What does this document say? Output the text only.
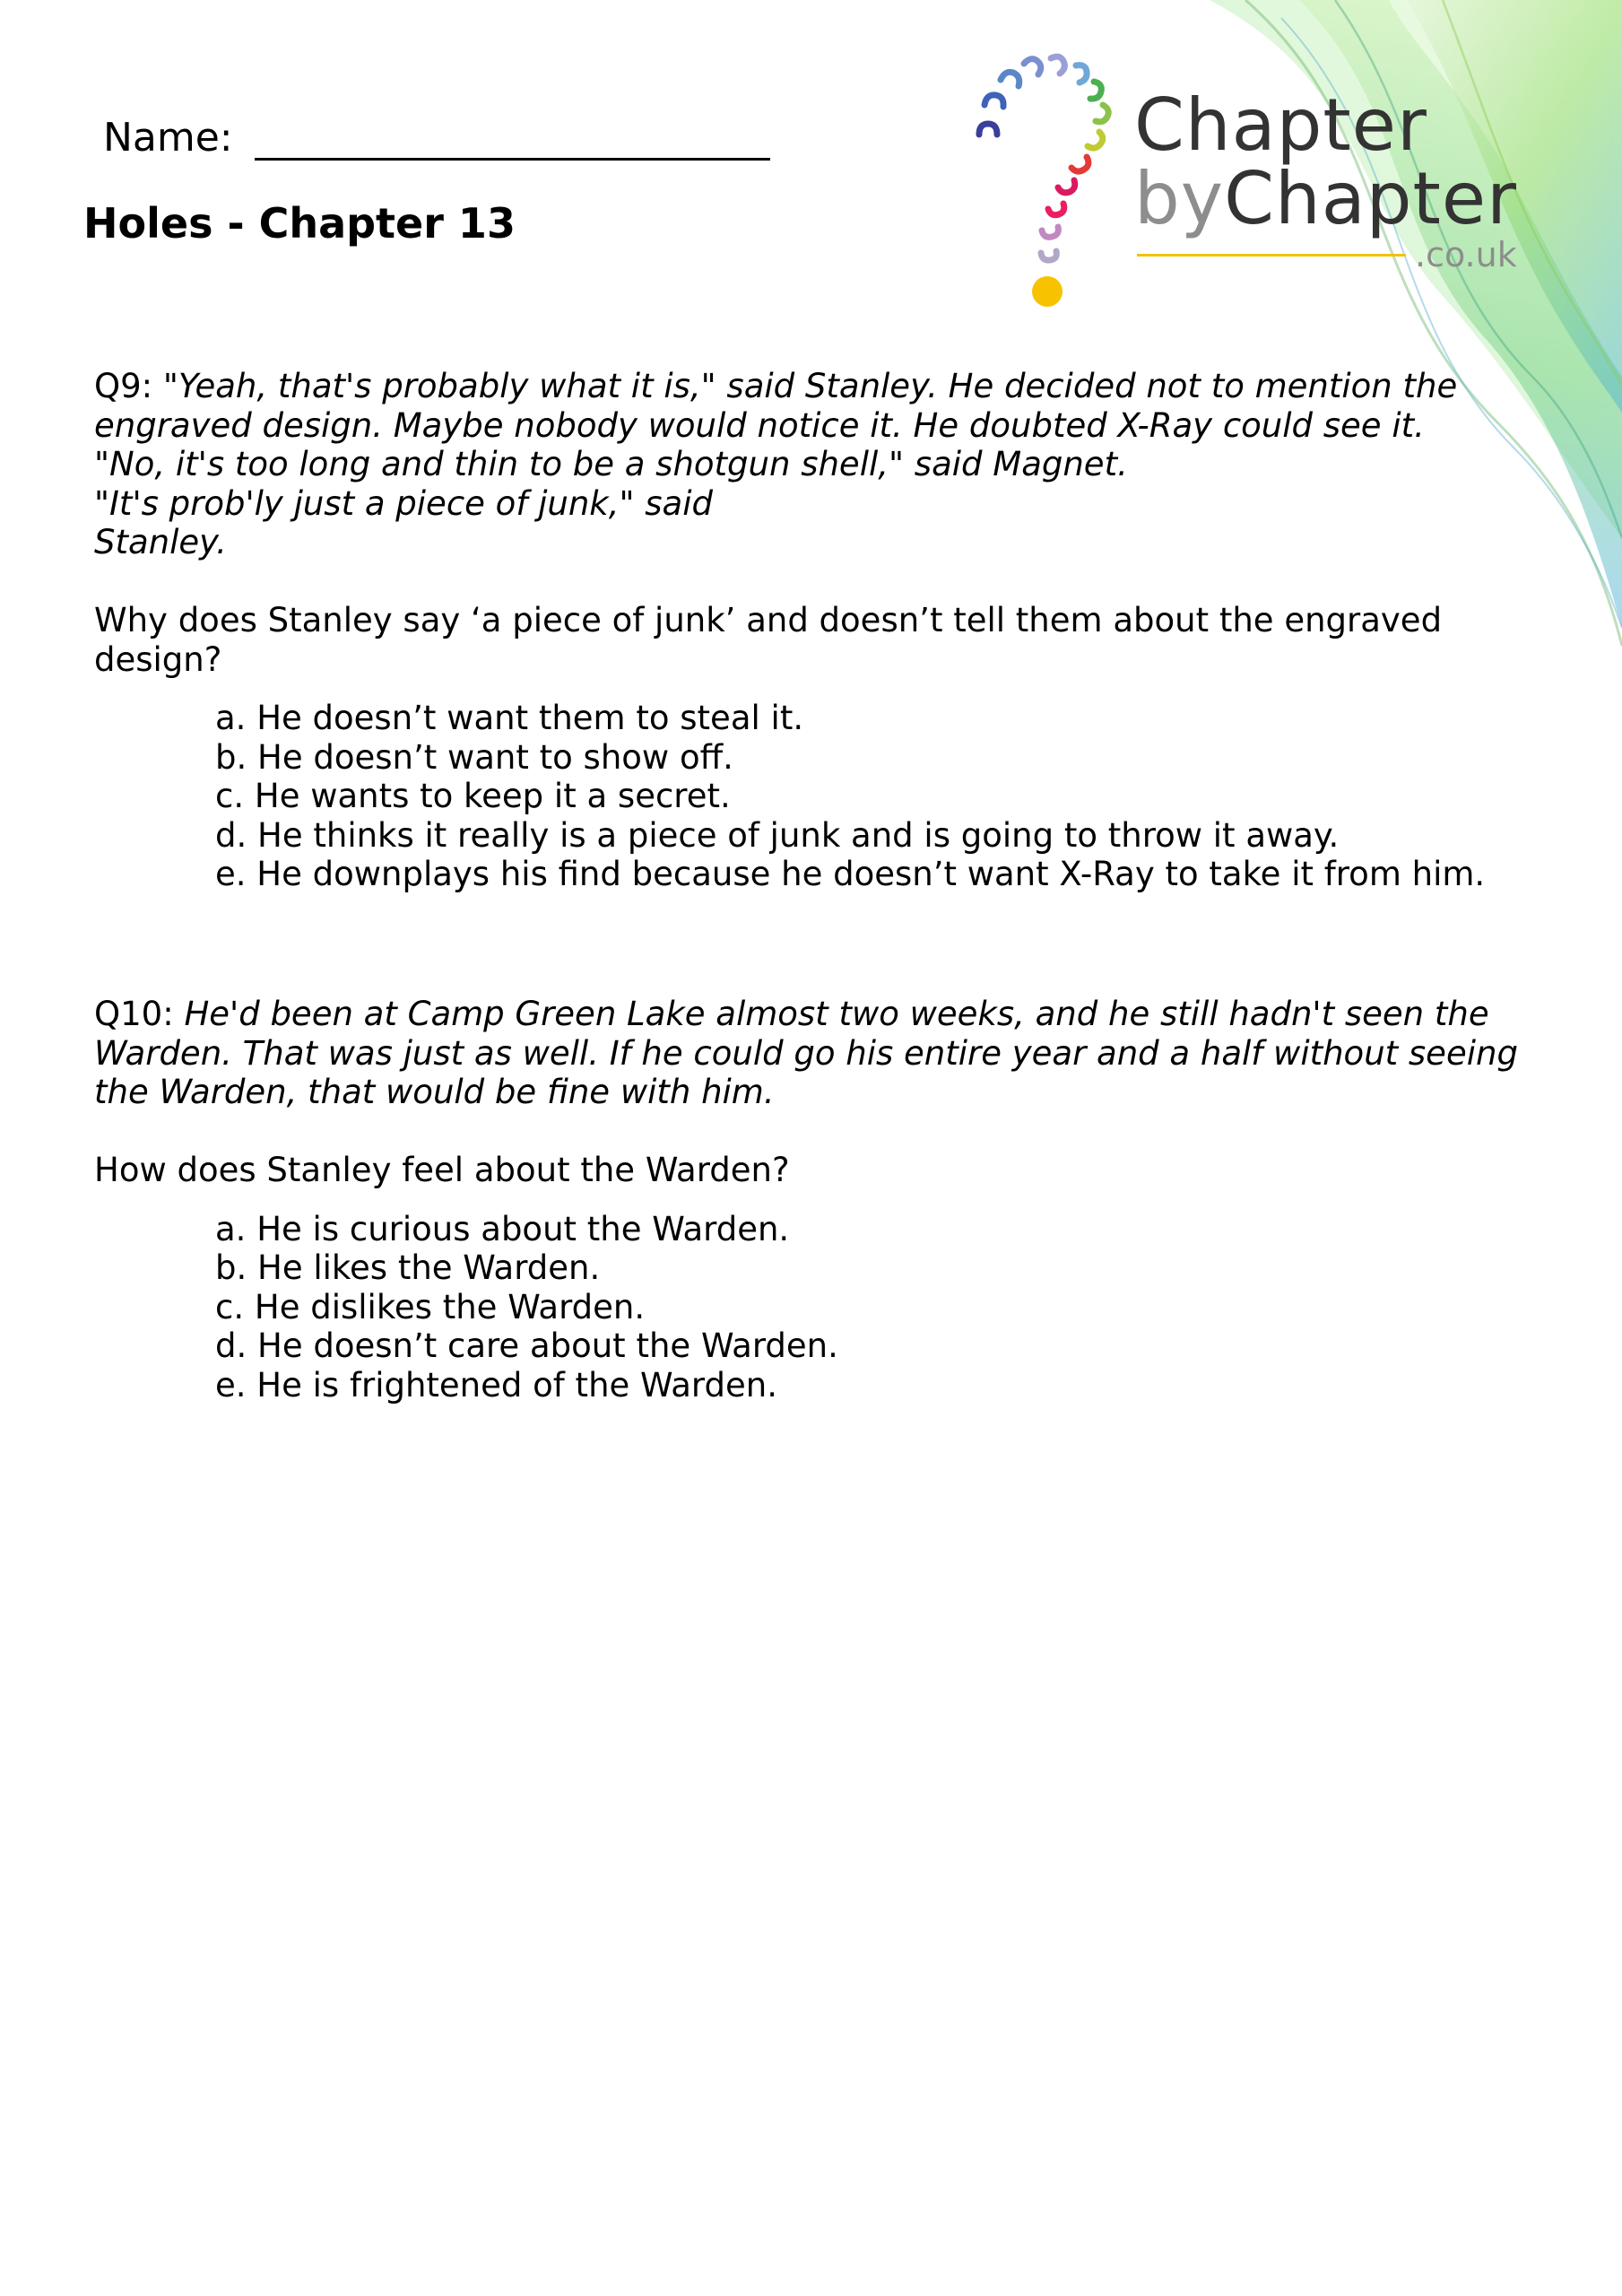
Name:
Holes - Chapter 13
Chapter
byChapter
.co.uk
Q9: "Yeah, that's probably what it is," said Stanley. He decided not to mention the
engraved design. Maybe nobody would notice it. He doubted X-Ray could see it.
"No, it's too long and thin to be a shotgun shell," said Magnet.
"It's prob'ly just a piece of junk," said
Stanley.
Why does Stanley say ‘a piece of junk’ and doesn’t tell them about the engraved
design?
a. He doesn’t want them to steal it.
b. He doesn’t want to show off.
c. He wants to keep it a secret.
d. He thinks it really is a piece of junk and is going to throw it away.
e. He downplays his find because he doesn’t want X-Ray to take it from him.
Q10: He'd been at Camp Green Lake almost two weeks, and he still hadn't seen the
Warden. That was just as well. If he could go his entire year and a half without seeing
the Warden, that would be fine with him.
How does Stanley feel about the Warden?
a. He is curious about the Warden.
b. He likes the Warden.
c. He dislikes the Warden.
d. He doesn’t care about the Warden.
e. He is frightened of the Warden.
